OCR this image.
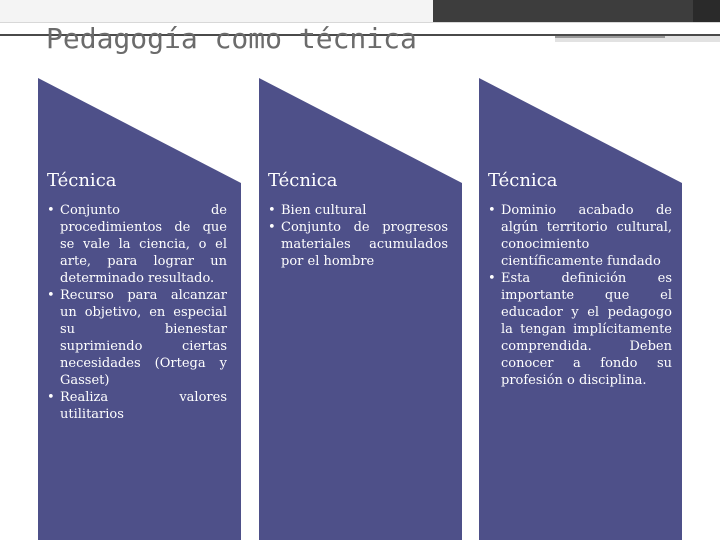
Pedagogía como técnica
Técnica
• Conjunto de procedimientos de que se vale la ciencia, o el arte, para lograr un determinado resultado.
• Recurso para alcanzar un objetivo, en especial su bienestar suprimiendo ciertas necesidades (Ortega y Gasset)
• Realiza valores utilitarios
Técnica
• Bien cultural
• Conjunto de progresos materiales acumulados por el hombre
Técnica
• Dominio acabado de algún territorio cultural, conocimiento científicamente fundado
• Esta definición es importante que el educador y el pedagogo la tengan implícitamente comprendida. Deben conocer a fondo su profesión o disciplina.
